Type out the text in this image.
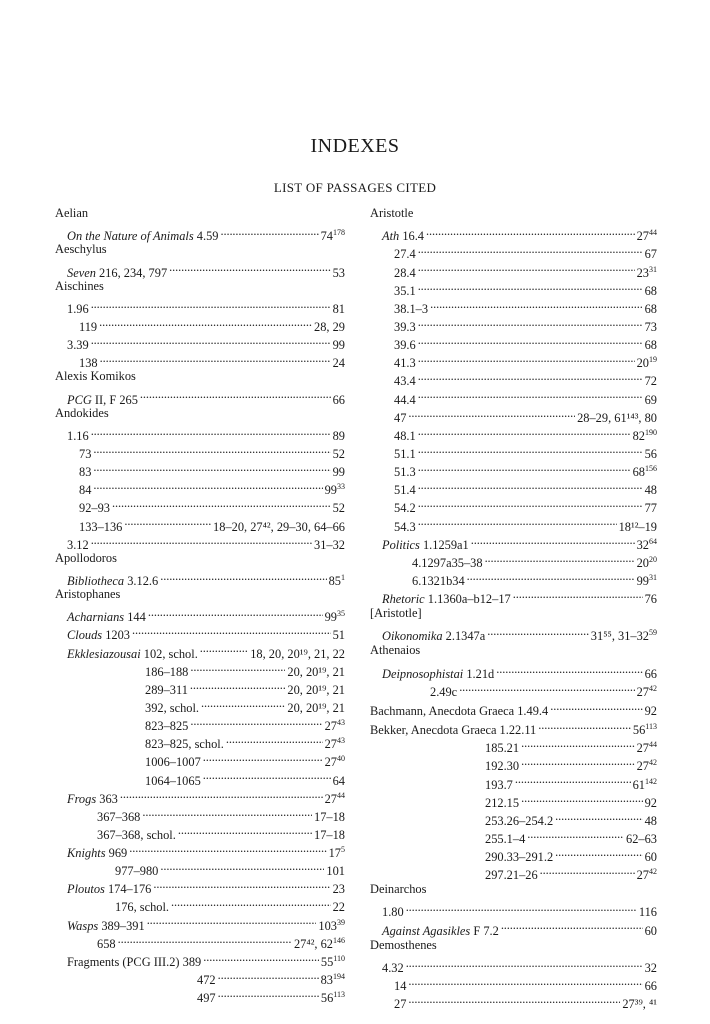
INDEXES
LIST OF PASSAGES CITED
Aelian
On the Nature of Animals 4.59 . . .	$74^{178}$
Aeschylus
Seven 216, 234, 797 . . .	53
Aischines
1.96 . . .	81
119 . . .	28, 29
3.39 . . .	99
138 . . .	24
Alexis Komikos
PCG II, F 265 . . .	66
Andokides
1.16 . . .	89
73 . . .	52
83 . . .	99
84 . . .	$99^{33}$
92–93 . . .	52
133–136 . . .	18–20, 27⁴², 29–30, 64–66
3.12 . . .	31–32
Apollodoros
Bibliotheca 3.12.6 . . .	$85^1$
Aristophanes
Acharnians 144 . . .	$99^{35}$
Clouds 1203 . . .	51
Ekklesiazousai 102, schol. . . .	18, 20, 20¹⁹, 21, 22
186–188 . . .	20, 20¹⁹, 21
289–311 . . .	20, 20¹⁹, 21
392, schol. . . .	20, 20¹⁹, 21
823–825 . . .	$27^{43}$
823–825, schol. . . .	$27^{43}$
1006–1007 . . .	$27^{40}$
1064–1065 . . .	64
Frogs 363 . . .	$27^{44}$
367–368 . . .	17–18
367–368, schol. . . .	17–18
Knights 969 . . .	$17^5$
977–980 . . .	101
Ploutos 174–176 . . .	23
176, schol. . . .	22
Wasps 389–391 . . .	$103^{39}$
658 . . .	27⁴², $62^{146}$
Fragments (PCG III.2) 389 . . .	$55^{110}$
472 . . .	$83^{194}$
497 . . .	$56^{113}$
Aristotle
Ath 16.4 . . .	$27^{44}$
27.4 . . .	67
28.4 . . .	$23^{31}$
35.1 . . .	68
38.1–3 . . .	68
39.3 . . .	73
39.6 . . .	68
41.3 . . .	$20^{19}$
43.4 . . .	72
44.4 . . .	69
47 . . .	28–29, 61¹⁴³, 80
48.1 . . .	$82^{190}$
51.1 . . .	56
51.3 . . .	$68^{156}$
51.4 . . .	48
54.2 . . .	77
54.3 . . .	18¹²–19
Politics 1.1259a1 . . .	$32^{64}$
4.1297a35–38 . . .	$20^{20}$
6.1321b34 . . .	$99^{31}$
Rhetoric 1.1360a–b12–17 . . .	76
[Aristotle]
Oikonomika 2.1347a . . .	31⁵⁵, $31-32^{59}$
Athenaios
Deipnosophistai 1.21d . . .	66
2.49c . . .	$27^{42}$
Bachmann, Anecdota Graeca 1.49.4 . . .	92
Bekker, Anecdota Graeca 1.22.11 . . .	$56^{113}$
185.21 . . .	$27^{44}$
192.30 . . .	$27^{42}$
193.7 . . .	$61^{142}$
212.15 . . .	92
253.26–254.2 . . .	48
255.1–4 . . .	62–63
290.33–291.2 . . .	60
297.21–26 . . .	$27^{42}$
Deinarchos
1.80 . . .	116
Against Agasikles F 7.2 . . .	60
Demosthenes
4.32 . . .	32
14 . . .	66
27 . . .	27³⁹, ⁴¹
